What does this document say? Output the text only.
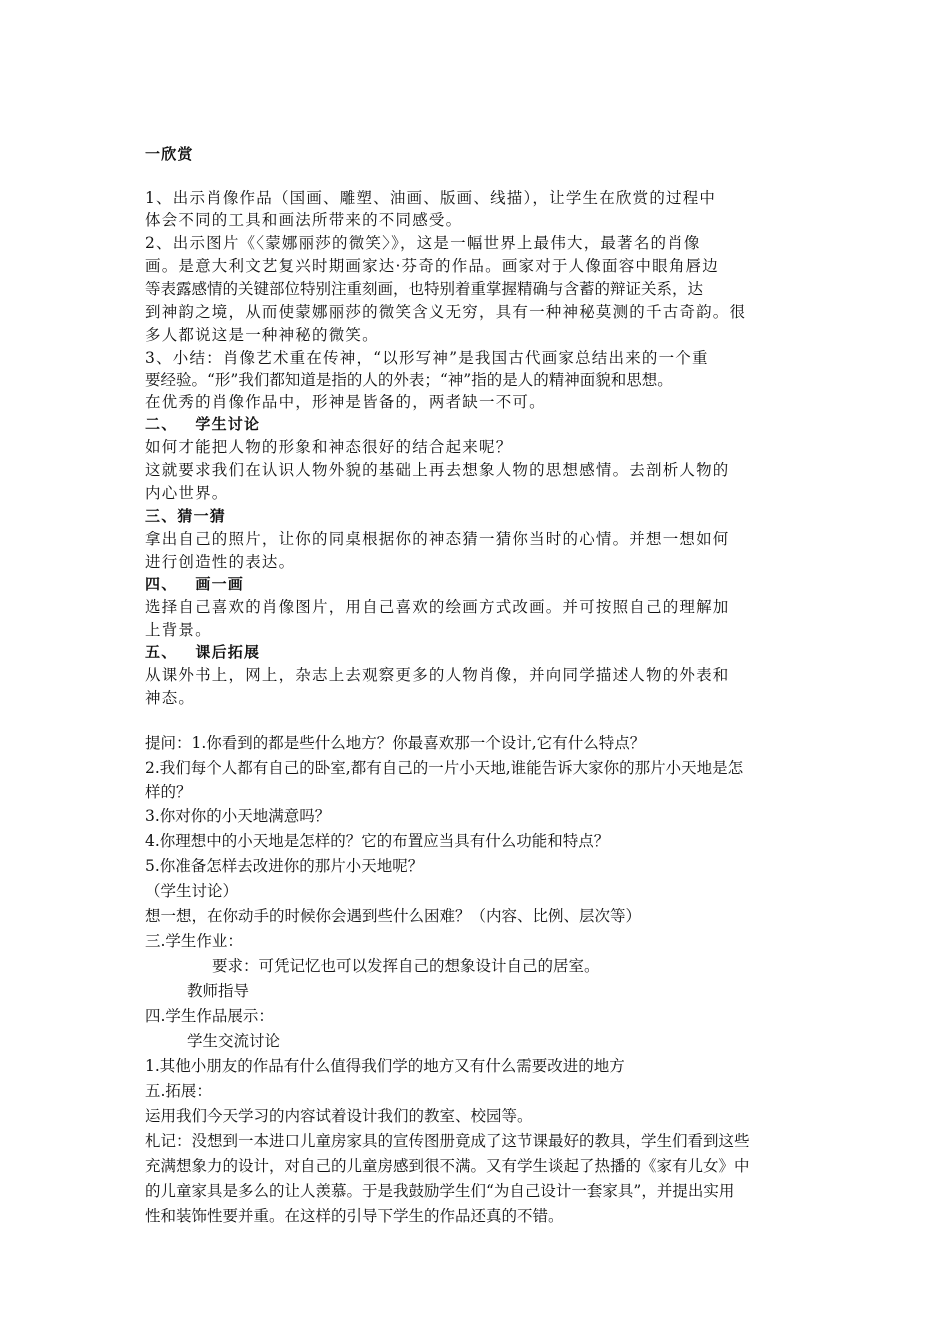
一欣赏
1、出示肖像作品（国画、雕塑、油画、版画、线描），让学生在欣赏的过程中
体会不同的工具和画法所带来的不同感受。
2、出示图片《〈蒙娜丽莎的微笑〉》，这是一幅世界上最伟大，最著名的肖像
画。是意大利文艺复兴时期画家达·芬奇的作品。画家对于人像面容中眼角唇边
等表露感情的关键部位特别注重刻画，也特别着重掌握精确与含蓄的辩证关系，达
到神韵之境，从而使蒙娜丽莎的微笑含义无穷，具有一种神秘莫测的千古奇韵。很
多人都说这是一种神秘的微笑。
3、小结：肖像艺术重在传神，“以形写神”是我国古代画家总结出来的一个重
要经验。“形”我们都知道是指的人的外表；“神”指的是人的精神面貌和思想。
在优秀的肖像作品中，形神是皆备的，两者缺一不可。
二、 学生讨论
如何才能把人物的形象和神态很好的结合起来呢？
这就要求我们在认识人物外貌的基础上再去想象人物的思想感情。去剖析人物的
内心世界。
三、猜一猜
拿出自己的照片，让你的同桌根据你的神态猜一猜你当时的心情。并想一想如何
进行创造性的表达。
四、 画一画
选择自己喜欢的肖像图片，用自己喜欢的绘画方式改画。并可按照自己的理解加
上背景。
五、 课后拓展
从课外书上，网上，杂志上去观察更多的人物肖像，并向同学描述人物的外表和
神态。
提问：1.你看到的都是些什么地方？你最喜欢那一个设计,它有什么特点？
2.我们每个人都有自己的卧室,都有自己的一片小天地,谁能告诉大家你的那片小天地是怎
样的？
3.你对你的小天地满意吗？
4.你理想中的小天地是怎样的？它的布置应当具有什么功能和特点？
5.你准备怎样去改进你的那片小天地呢？
（学生讨论）
想一想，在你动手的时候你会遇到些什么困难？（内容、比例、层次等）
三.学生作业：
要求：可凭记忆也可以发挥自己的想象设计自己的居室。
教师指导
四.学生作品展示：
学生交流讨论
1.其他小朋友的作品有什么值得我们学的地方又有什么需要改进的地方
五.拓展：
运用我们今天学习的内容试着设计我们的教室、校园等。
札记：没想到一本进口儿童房家具的宣传图册竟成了这节课最好的教具，学生们看到这些
充满想象力的设计，对自己的儿童房感到很不满。又有学生谈起了热播的《家有儿女》中
的儿童家具是多么的让人羡慕。于是我鼓励学生们“为自己设计一套家具”，并提出实用
性和装饰性要并重。在这样的引导下学生的作品还真的不错。
